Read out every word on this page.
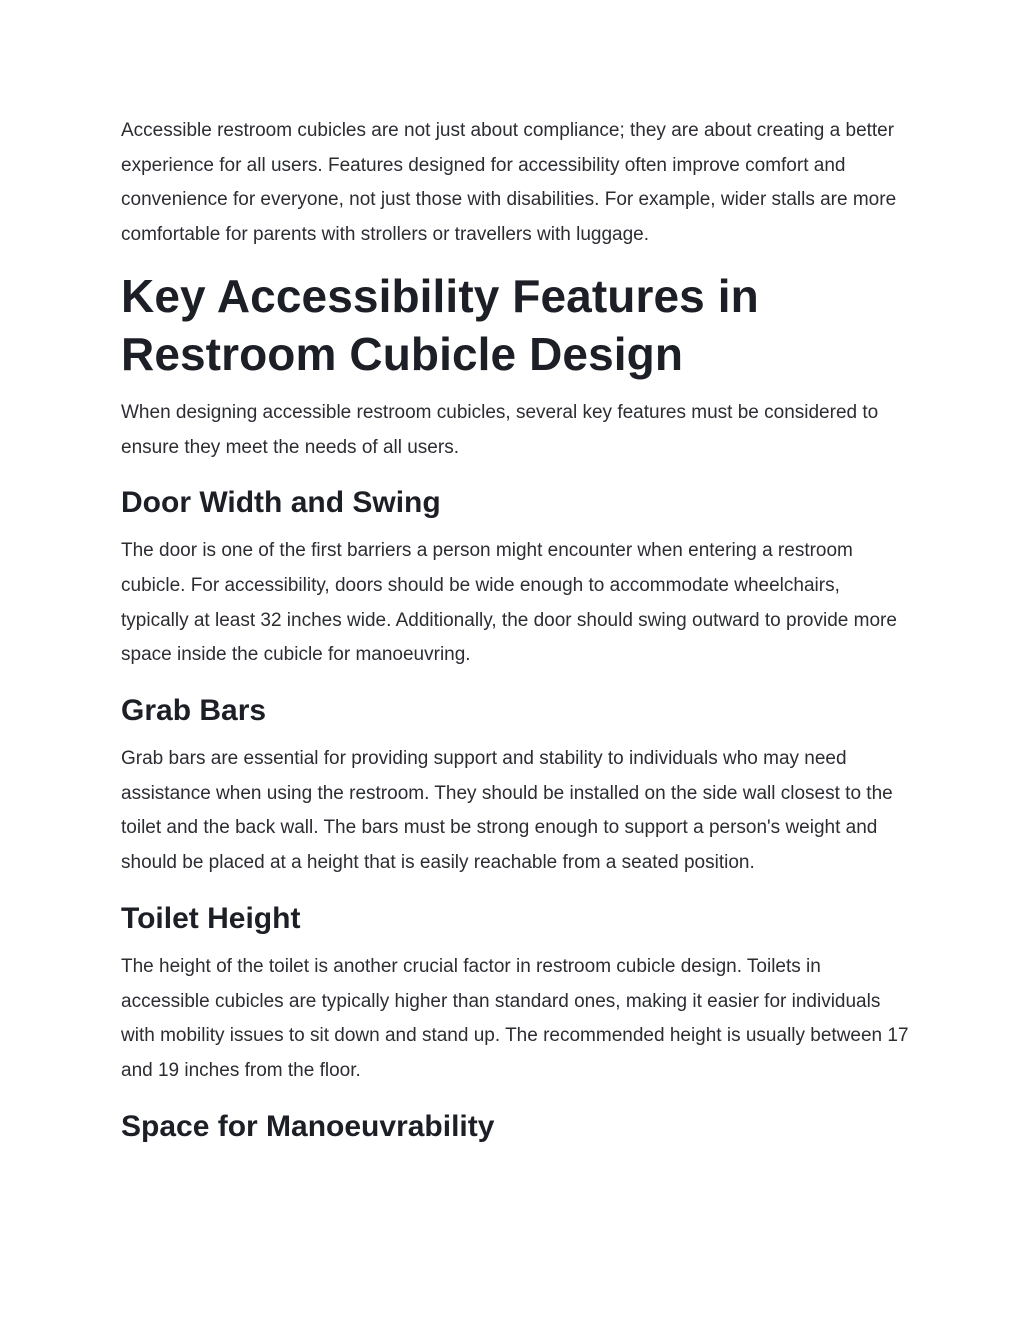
Accessible restroom cubicles are not just about compliance; they are about creating a better experience for all users. Features designed for accessibility often improve comfort and convenience for everyone, not just those with disabilities. For example, wider stalls are more comfortable for parents with strollers or travellers with luggage.

Key Accessibility Features in Restroom Cubicle Design

When designing accessible restroom cubicles, several key features must be considered to ensure they meet the needs of all users.

Door Width and Swing

The door is one of the first barriers a person might encounter when entering a restroom cubicle. For accessibility, doors should be wide enough to accommodate wheelchairs, typically at least 32 inches wide. Additionally, the door should swing outward to provide more space inside the cubicle for manoeuvring.

Grab Bars

Grab bars are essential for providing support and stability to individuals who may need assistance when using the restroom. They should be installed on the side wall closest to the toilet and the back wall. The bars must be strong enough to support a person's weight and should be placed at a height that is easily reachable from a seated position.

Toilet Height

The height of the toilet is another crucial factor in restroom cubicle design. Toilets in accessible cubicles are typically higher than standard ones, making it easier for individuals with mobility issues to sit down and stand up. The recommended height is usually between 17 and 19 inches from the floor.

Space for Manoeuvrability
